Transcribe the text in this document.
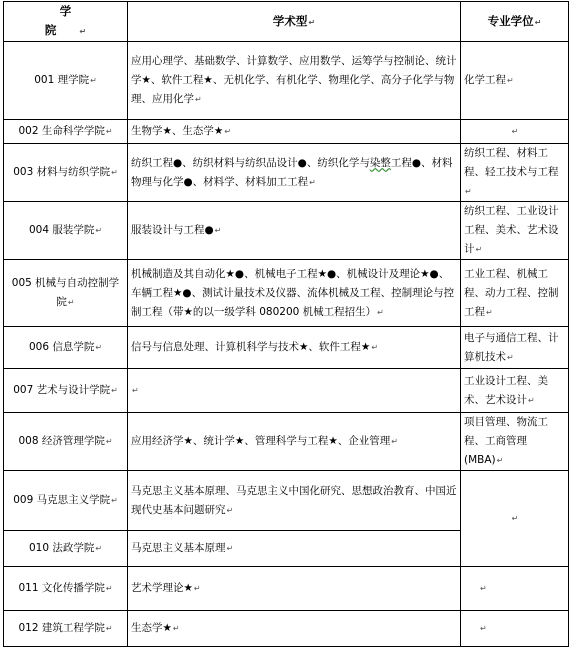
学　院↵	学术型↵	专业学位↵
001 理学院↵	应用心理学、基础数学、计算数学、应用数学、运筹学与控制论、统计学★、软件工程★、无机化学、有机化学、物理化学、高分子化学与物理、应用化学↵	化学工程↵
002 生命科学学院↵	生物学★、生态学★↵	↵
003 材料与纺织学院↵	纺织工程●、纺织材料与纺织品设计●、纺织化学与染整工程●、材料物理与化学●、材料学、材料加工工程↵	纺织工程、材料工程、轻工技术与工程↵
004 服装学院↵	服装设计与工程●↵	纺织工程、工业设计工程、美术、艺术设计↵
005 机械与自动控制学院↵	机械制造及其自动化★●、机械电子工程★●、机械设计及理论★●、车辆工程★●、测试计量技术及仪器、流体机械及工程、控制理论与控制工程（带★的以一级学科 080200 机械工程招生）↵	工业工程、机械工程、动力工程、控制工程↵
006 信息学院↵	信号与信息处理、计算机科学与技术★、软件工程★↵	电子与通信工程、计算机技术↵
007 艺术与设计学院↵	↵	工业设计工程、美术、艺术设计↵
008 经济管理学院↵	应用经济学★、统计学★、管理科学与工程★、企业管理↵	项目管理、物流工程、工商管理(MBA)↵
009 马克思主义学院↵	马克思主义基本原理、马克思主义中国化研究、思想政治教育、中国近现代史基本问题研究↵	↵
010 法政学院↵	马克思主义基本原理↵	
011 文化传播学院↵	艺术学理论★↵	↵
012 建筑工程学院↵	生态学★↵	↵
